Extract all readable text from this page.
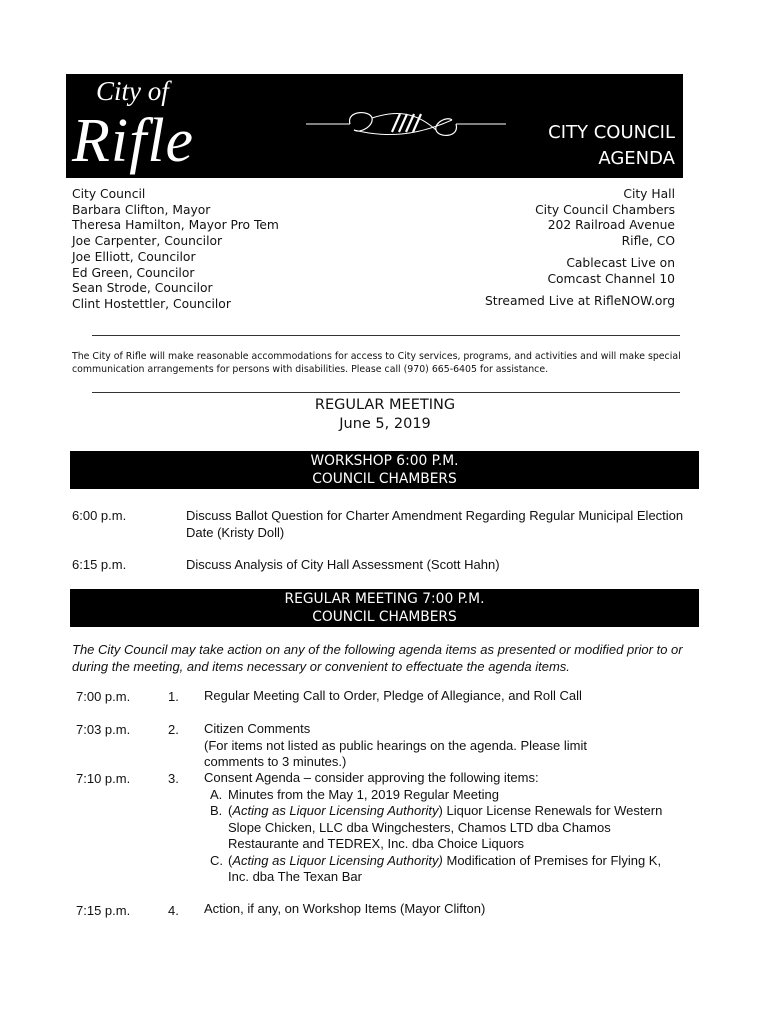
City of
Rifle	CITY COUNCIL
AGENDA
City Council
Barbara Clifton, Mayor
Theresa Hamilton, Mayor Pro Tem
Joe Carpenter, Councilor
Joe Elliott, Councilor
Ed Green, Councilor
Sean Strode, Councilor
Clint Hostettler, Councilor
City Hall
City Council Chambers
202 Railroad Avenue
Rifle, CO
Cablecast Live on
Comcast Channel 10
Streamed Live at RifleNOW.org
The City of Rifle will make reasonable accommodations for access to City services, programs, and activities and will make special communication arrangements for persons with disabilities. Please call (970) 665-6405 for assistance.
REGULAR MEETING
June 5, 2019
WORKSHOP 6:00 P.M.
COUNCIL CHAMBERS
6:00 p.m.	Discuss Ballot Question for Charter Amendment Regarding Regular Municipal Election Date (Kristy Doll)
6:15 p.m.	Discuss Analysis of City Hall Assessment (Scott Hahn)
REGULAR MEETING 7:00 P.M.
COUNCIL CHAMBERS
The City Council may take action on any of the following agenda items as presented or modified prior to or during the meeting, and items necessary or convenient to effectuate the agenda items.
7:00 p.m.	1. Regular Meeting Call to Order, Pledge of Allegiance, and Roll Call
7:03 p.m.	2. Citizen Comments
(For items not listed as public hearings on the agenda. Please limit comments to 3 minutes.)
7:10 p.m.	3. Consent Agenda – consider approving the following items:
A. Minutes from the May 1, 2019 Regular Meeting
B. (Acting as Liquor Licensing Authority) Liquor License Renewals for Western Slope Chicken, LLC dba Wingchesters, Chamos LTD dba Chamos Restaurante and TEDREX, Inc. dba Choice Liquors
C. (Acting as Liquor Licensing Authority) Modification of Premises for Flying K, Inc. dba The Texan Bar
7:15 p.m.	4. Action, if any, on Workshop Items (Mayor Clifton)
